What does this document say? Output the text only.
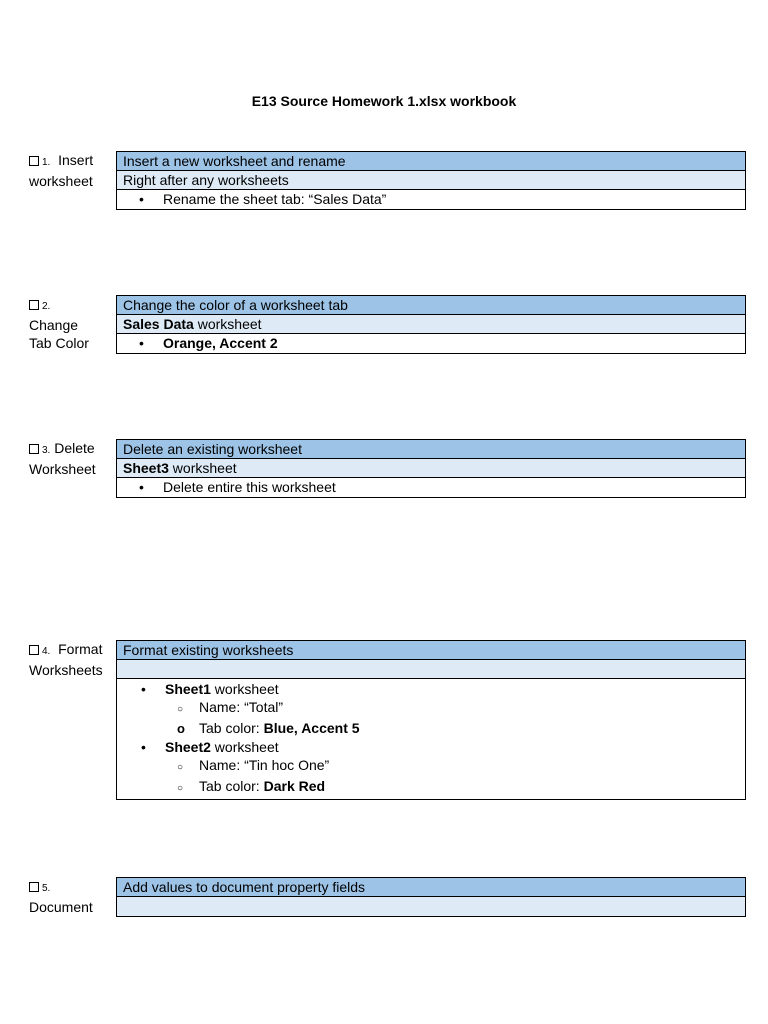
E13 Source Homework 1.xlsx workbook
1. Insert
worksheet
Insert a new worksheet and rename
Right after any worksheets
• Rename the sheet tab: “Sales Data”
2.
Change
Tab Color
Change the color of a worksheet tab
Sales Data worksheet
• Orange, Accent 2
3. Delete
Worksheet
Delete an existing worksheet
Sheet3 worksheet
• Delete entire this worksheet
4. Format
Worksheets
Format existing worksheets
• Sheet1 worksheet
○ Name: “Total”
o Tab color: Blue, Accent 5
• Sheet2 worksheet
○ Name: “Tin hoc One”
○ Tab color: Dark Red
5.
Document
Add values to document property fields
